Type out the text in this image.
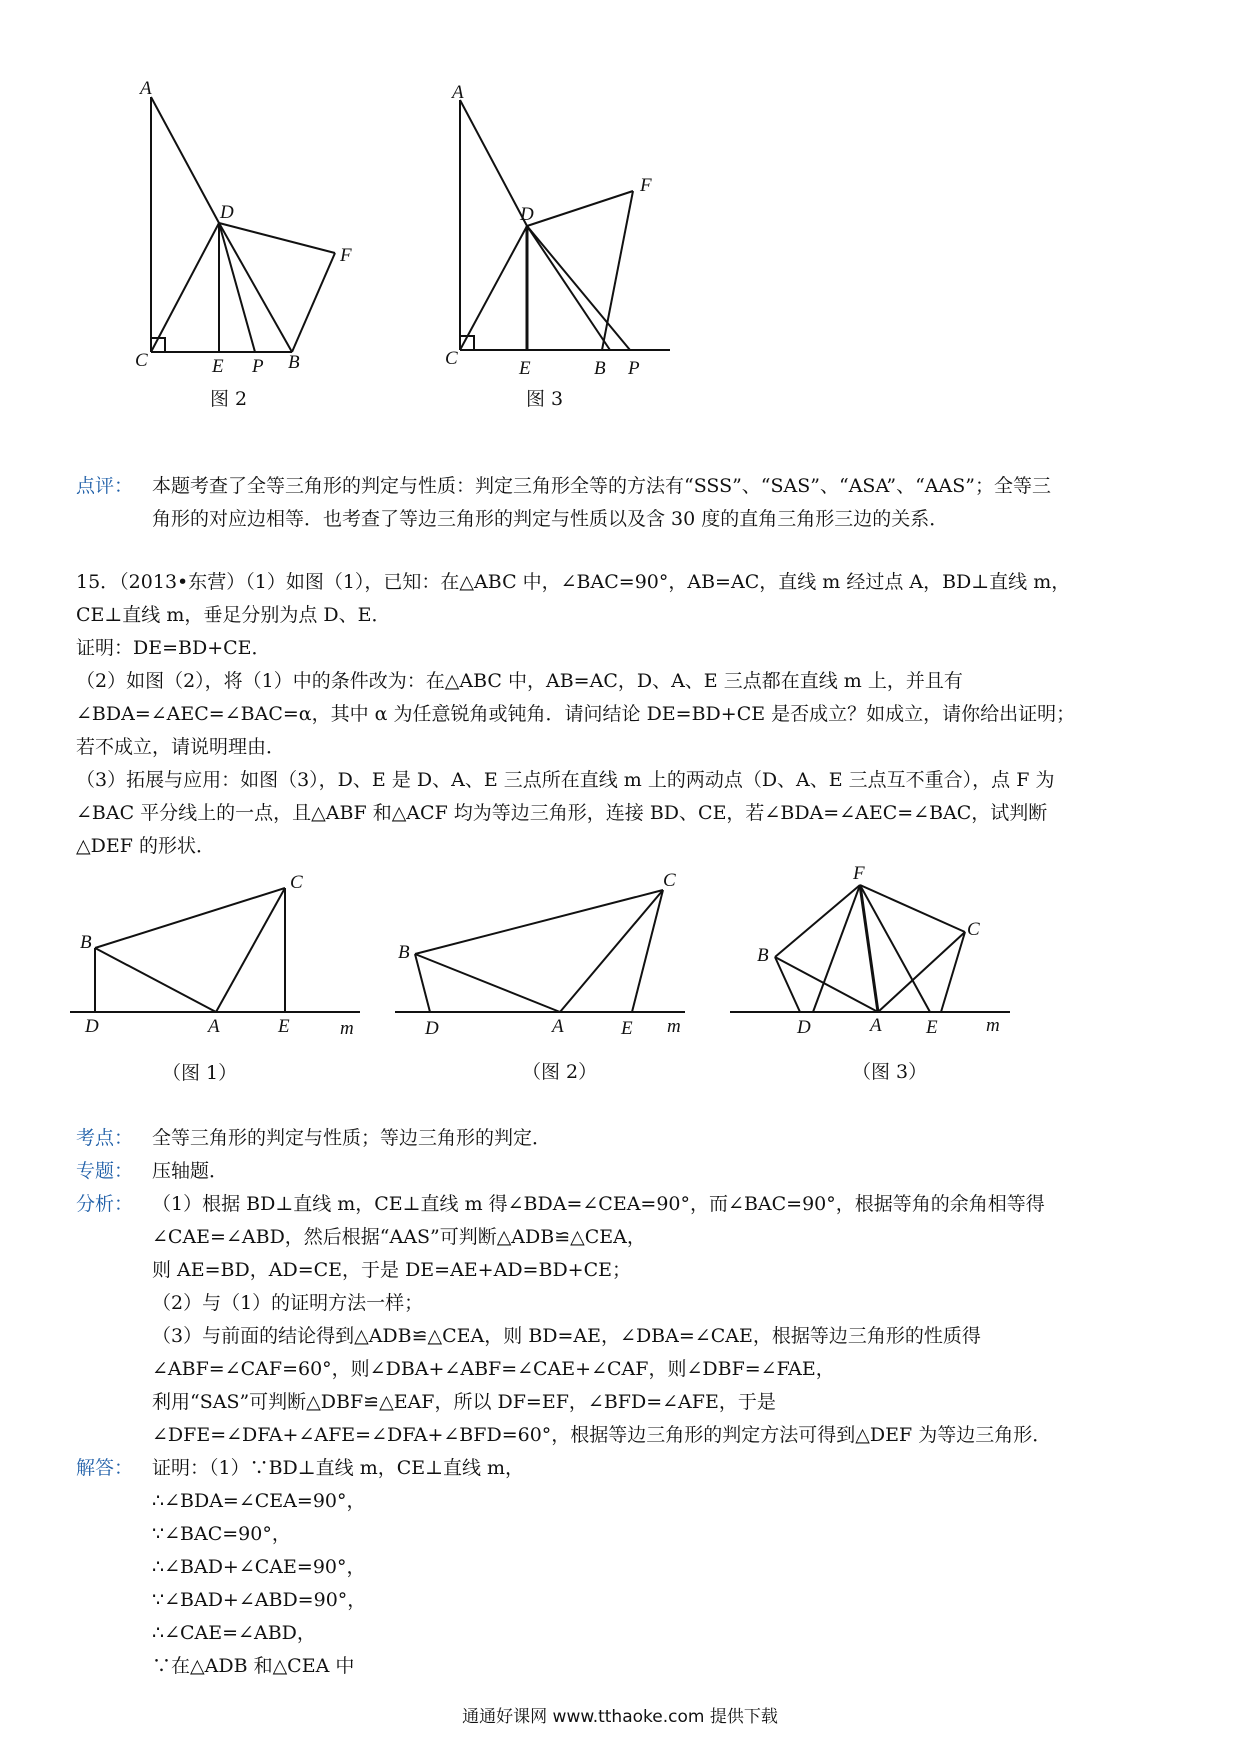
A
D
F
C	E P B
图 2
A
D
F
C	E	B P
图 3
点评： 本题考查了全等三角形的判定与性质：判定三角形全等的方法有“SSS”、“SAS”、“ASA”、“AAS”；全等三
角形的对应边相等．也考查了等边三角形的判定与性质以及含 30 度的直角三角形三边的关系．
15．（2013•东营）（1）如图（1），已知：在△ABC 中，∠BAC=90°，AB=AC，直线 m 经过点 A，BD⊥直线 m，
CE⊥直线 m，垂足分别为点 D、E．
证明：DE=BD+CE．
（2）如图（2），将（1）中的条件改为：在△ABC 中，AB=AC，D、A、E 三点都在直线 m 上，并且有
∠BDA=∠AEC=∠BAC=α，其中 α 为任意锐角或钝角．请问结论 DE=BD+CE 是否成立？如成立，请你给出证明；
若不成立，请说明理由．
（3）拓展与应用：如图（3），D、E 是 D、A、E 三点所在直线 m 上的两动点（D、A、E 三点互不重合），点 F 为
∠BAC 平分线上的一点，且△ABF 和△ACF 均为等边三角形，连接 BD、CE，若∠BDA=∠AEC=∠BAC，试判断
△DEF 的形状．
B
C
D	A	E	m
（图 1）
B
C
D	A	E m
（图 2）
F
B
C
D	A E	m
（图 3）
考点： 全等三角形的判定与性质；等边三角形的判定．
专题： 压轴题．
分析： （1）根据 BD⊥直线 m，CE⊥直线 m 得∠BDA=∠CEA=90°，而∠BAC=90°，根据等角的余角相等得
∠CAE=∠ABD，然后根据“AAS”可判断△ADB≌△CEA，
则 AE=BD，AD=CE，于是 DE=AE+AD=BD+CE；
（2）与（1）的证明方法一样；
（3）与前面的结论得到△ADB≌△CEA，则 BD=AE，∠DBA=∠CAE，根据等边三角形的性质得
∠ABF=∠CAF=60°，则∠DBA+∠ABF=∠CAE+∠CAF，则∠DBF=∠FAE，
利用“SAS”可判断△DBF≌△EAF，所以 DF=EF，∠BFD=∠AFE，于是
∠DFE=∠DFA+∠AFE=∠DFA+∠BFD=60°，根据等边三角形的判定方法可得到△DEF 为等边三角形．
解答： 证明：（1）∵BD⊥直线 m，CE⊥直线 m，
∴∠BDA=∠CEA=90°，
∵∠BAC=90°，
∴∠BAD+∠CAE=90°，
∵∠BAD+∠ABD=90°，
∴∠CAE=∠ABD，
∵在△ADB 和△CEA 中
通通好课网 www.tthaoke.com 提供下载
